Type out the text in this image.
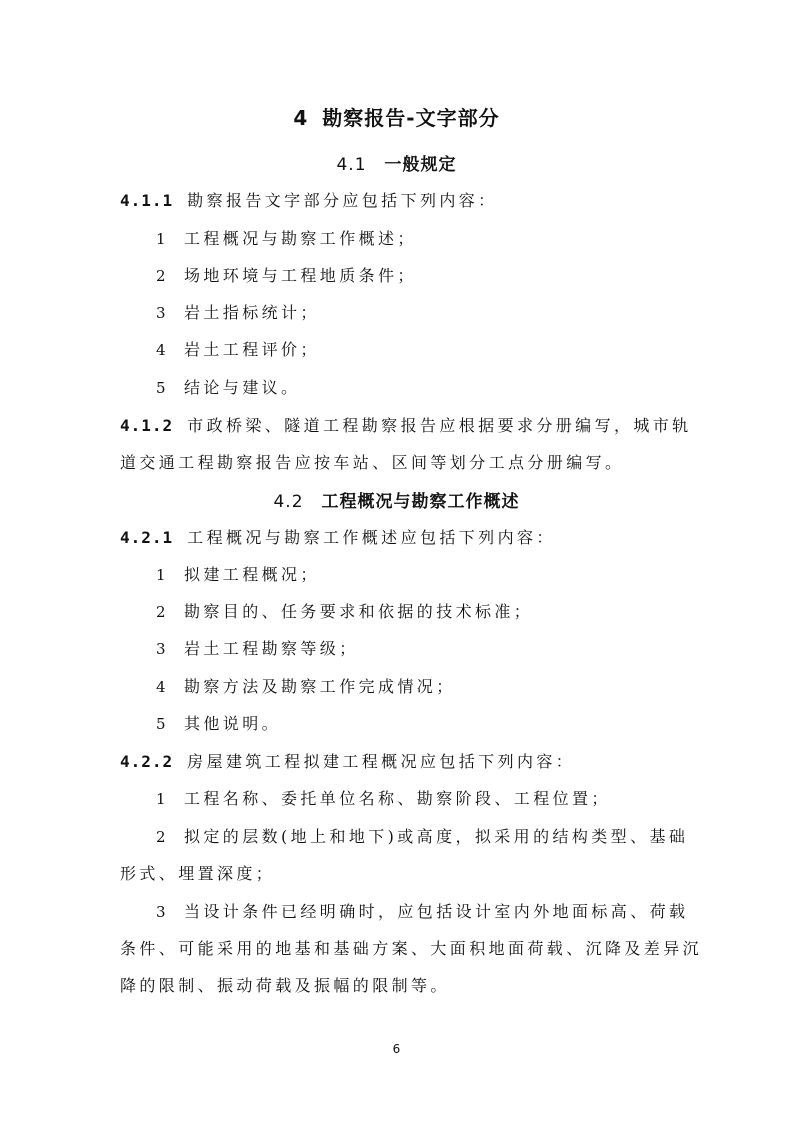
4 勘察报告-文字部分
4.1 一般规定
4.1.1 勘察报告文字部分应包括下列内容：
1 工程概况与勘察工作概述；
2 场地环境与工程地质条件；
3 岩土指标统计；
4 岩土工程评价；
5 结论与建议。
4.1.2 市政桥梁、隧道工程勘察报告应根据要求分册编写，城市轨
道交通工程勘察报告应按车站、区间等划分工点分册编写。
4.2 工程概况与勘察工作概述
4.2.1 工程概况与勘察工作概述应包括下列内容：
1 拟建工程概况；
2 勘察目的、任务要求和依据的技术标准；
3 岩土工程勘察等级；
4 勘察方法及勘察工作完成情况；
5 其他说明。
4.2.2 房屋建筑工程拟建工程概况应包括下列内容：
1 工程名称、委托单位名称、勘察阶段、工程位置；
2 拟定的层数(地上和地下)或高度，拟采用的结构类型、基础
形式、埋置深度；
3 当设计条件已经明确时，应包括设计室内外地面标高、荷载
条件、可能采用的地基和基础方案、大面积地面荷载、沉降及差异沉
降的限制、振动荷载及振幅的限制等。
6
